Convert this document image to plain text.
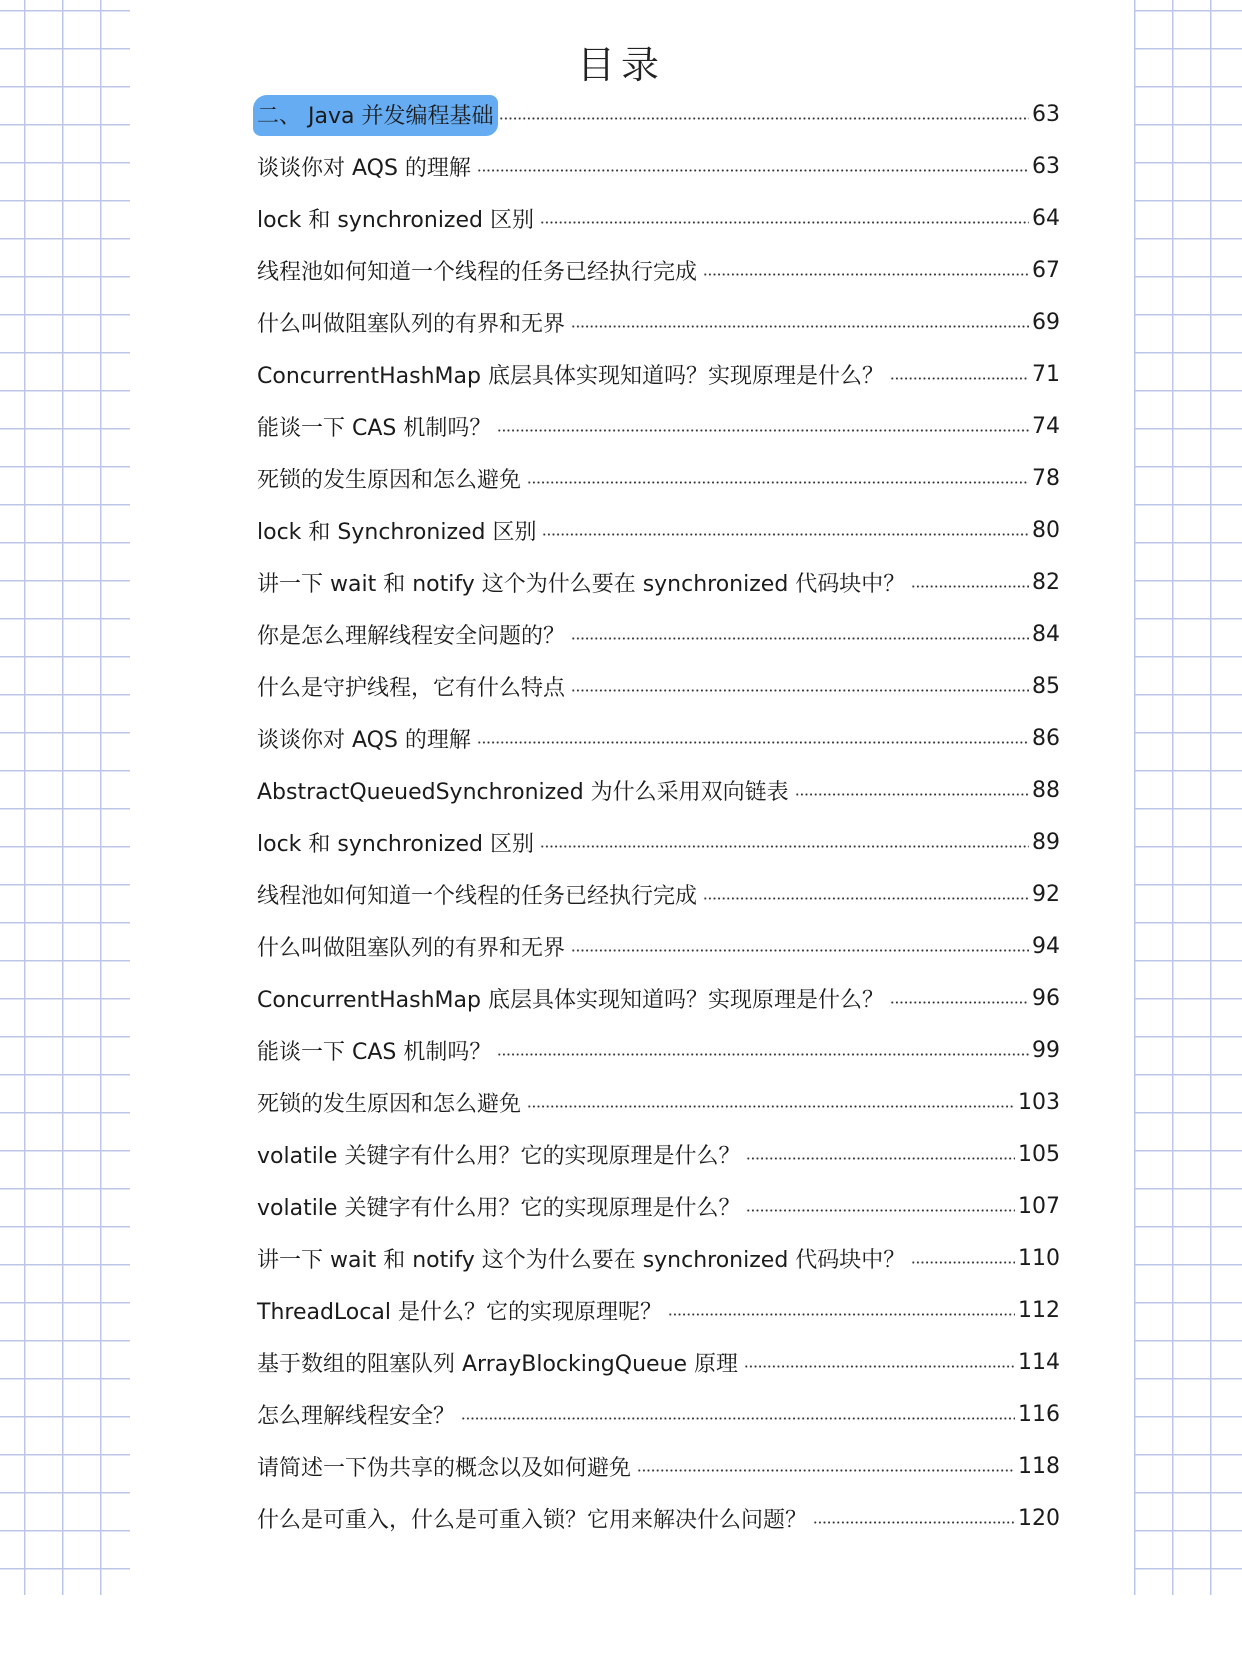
目录
二、 Java 并发编程基础	63
谈谈你对 AQS 的理解	63
lock 和 synchronized 区别	64
线程池如何知道一个线程的任务已经执行完成	67
什么叫做阻塞队列的有界和无界	69
ConcurrentHashMap 底层具体实现知道吗？实现原理是什么？	71
能谈一下 CAS 机制吗？	74
死锁的发生原因和怎么避免	78
lock 和 Synchronized 区别	80
讲一下 wait 和 notify 这个为什么要在 synchronized 代码块中？	82
你是怎么理解线程安全问题的？	84
什么是守护线程，它有什么特点	85
谈谈你对 AQS 的理解	86
AbstractQueuedSynchronized 为什么采用双向链表	88
lock 和 synchronized 区别	89
线程池如何知道一个线程的任务已经执行完成	92
什么叫做阻塞队列的有界和无界	94
ConcurrentHashMap 底层具体实现知道吗？实现原理是什么？	96
能谈一下 CAS 机制吗？	99
死锁的发生原因和怎么避免	103
volatile 关键字有什么用？它的实现原理是什么？	105
volatile 关键字有什么用？它的实现原理是什么？	107
讲一下 wait 和 notify 这个为什么要在 synchronized 代码块中？	110
ThreadLocal 是什么？它的实现原理呢？	112
基于数组的阻塞队列 ArrayBlockingQueue 原理	114
怎么理解线程安全？	116
请简述一下伪共享的概念以及如何避免	118
什么是可重入，什么是可重入锁？它用来解决什么问题？	120
